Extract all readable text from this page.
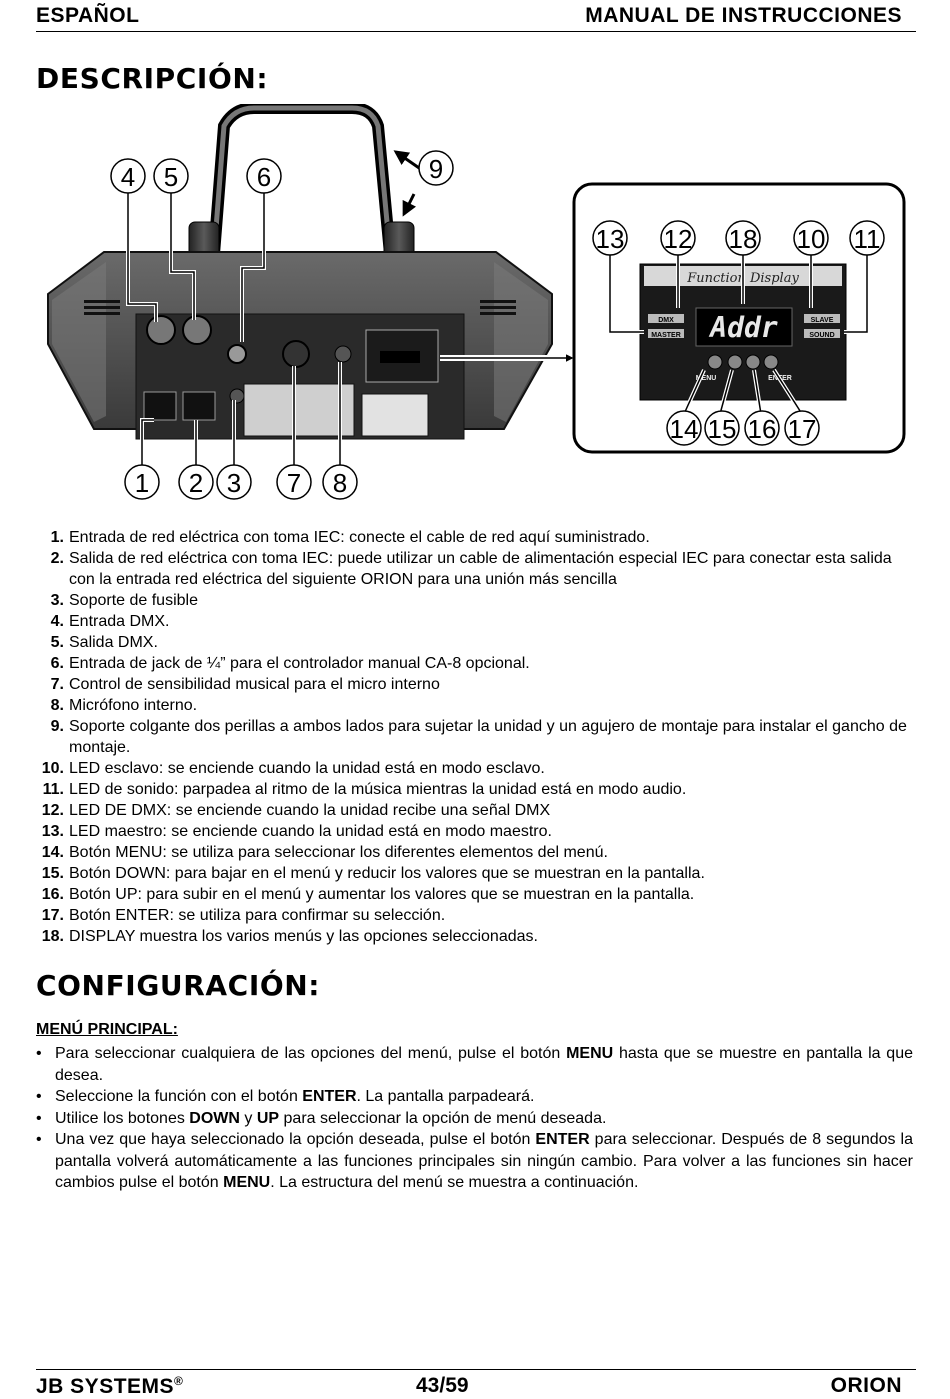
ESPAÑOL	MANUAL DE INSTRUCCIONES
DESCRIPCIÓN:
Function Display
DMX
MASTER
SLAVE
SOUND
Addr
MENU	ENTER
4 5	6	9
13 12 18 10 11
14 15 16 17
1 2 3 7 8
1. Entrada de red eléctrica con toma IEC: conecte el cable de red aquí suministrado.
2. Salida de red eléctrica con toma IEC: puede utilizar un cable de alimentación especial IEC para conectar esta salida con la entrada red eléctrica del siguiente ORION para una unión más sencilla
3. Soporte de fusible
4. Entrada DMX.
5. Salida DMX.
6. Entrada de jack de ¼” para el controlador manual CA-8 opcional.
7. Control de sensibilidad musical para el micro interno
8. Micrófono interno.
9. Soporte colgante dos perillas a ambos lados para sujetar la unidad y un agujero de montaje para instalar el gancho de montaje.
10. LED esclavo: se enciende cuando la unidad está en modo esclavo.
11. LED de sonido: parpadea al ritmo de la música mientras la unidad está en modo audio.
12. LED DE DMX: se enciende cuando la unidad recibe una señal DMX
13. LED maestro: se enciende cuando la unidad está en modo maestro.
14. Botón MENU: se utiliza para seleccionar los diferentes elementos del menú.
15. Botón DOWN: para bajar en el menú y reducir los valores que se muestran en la pantalla.
16. Botón UP: para subir en el menú y aumentar los valores que se muestran en la pantalla.
17. Botón ENTER: se utiliza para confirmar su selección.
18. DISPLAY muestra los varios menús y las opciones seleccionadas.
CONFIGURACIÓN:
MENÚ PRINCIPAL:
• Para seleccionar cualquiera de las opciones del menú, pulse el botón MENU hasta que se muestre en pantalla la que desea.
• Seleccione la función con el botón ENTER. La pantalla parpadeará.
• Utilice los botones DOWN y UP para seleccionar la opción de menú deseada.
• Una vez que haya seleccionado la opción deseada, pulse el botón ENTER para seleccionar. Después de 8 segundos la pantalla volverá automáticamente a las funciones principales sin ningún cambio. Para volver a las funciones sin hacer cambios pulse el botón MENU. La estructura del menú se muestra a continuación.
JB SYSTEMS®	43/59	ORION
